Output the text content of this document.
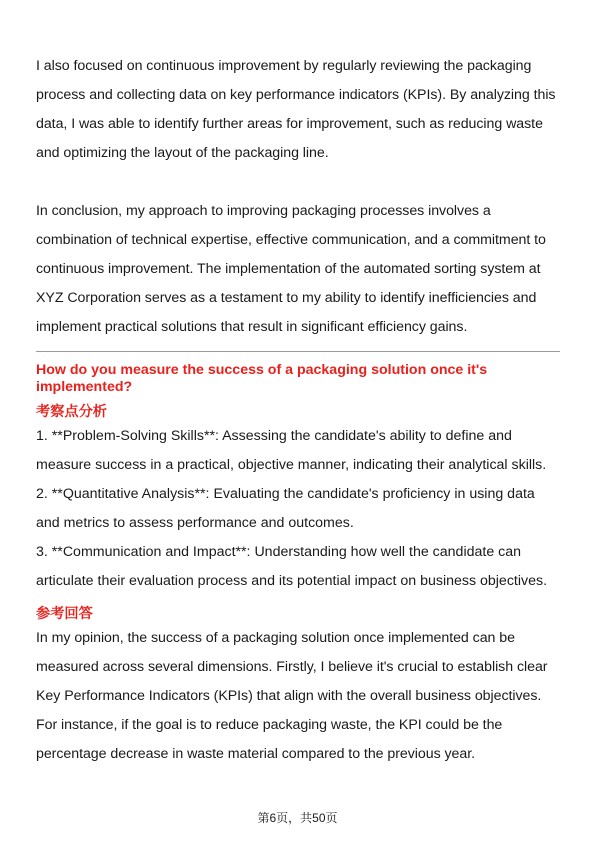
I also focused on continuous improvement by regularly reviewing the packaging process and collecting data on key performance indicators (KPIs). By analyzing this data, I was able to identify further areas for improvement, such as reducing waste and optimizing the layout of the packaging line.

In conclusion, my approach to improving packaging processes involves a combination of technical expertise, effective communication, and a commitment to continuous improvement. The implementation of the automated sorting system at XYZ Corporation serves as a testament to my ability to identify inefficiencies and implement practical solutions that result in significant efficiency gains.

How do you measure the success of a packaging solution once it's implemented?

考察点分析

1. **Problem-Solving Skills**: Assessing the candidate's ability to define and measure success in a practical, objective manner, indicating their analytical skills.

2. **Quantitative Analysis**: Evaluating the candidate's proficiency in using data and metrics to assess performance and outcomes.

3. **Communication and Impact**: Understanding how well the candidate can articulate their evaluation process and its potential impact on business objectives.

参考回答

In my opinion, the success of a packaging solution once implemented can be measured across several dimensions. Firstly, I believe it's crucial to establish clear Key Performance Indicators (KPIs) that align with the overall business objectives. For instance, if the goal is to reduce packaging waste, the KPI could be the percentage decrease in waste material compared to the previous year.

第6页，共50页
